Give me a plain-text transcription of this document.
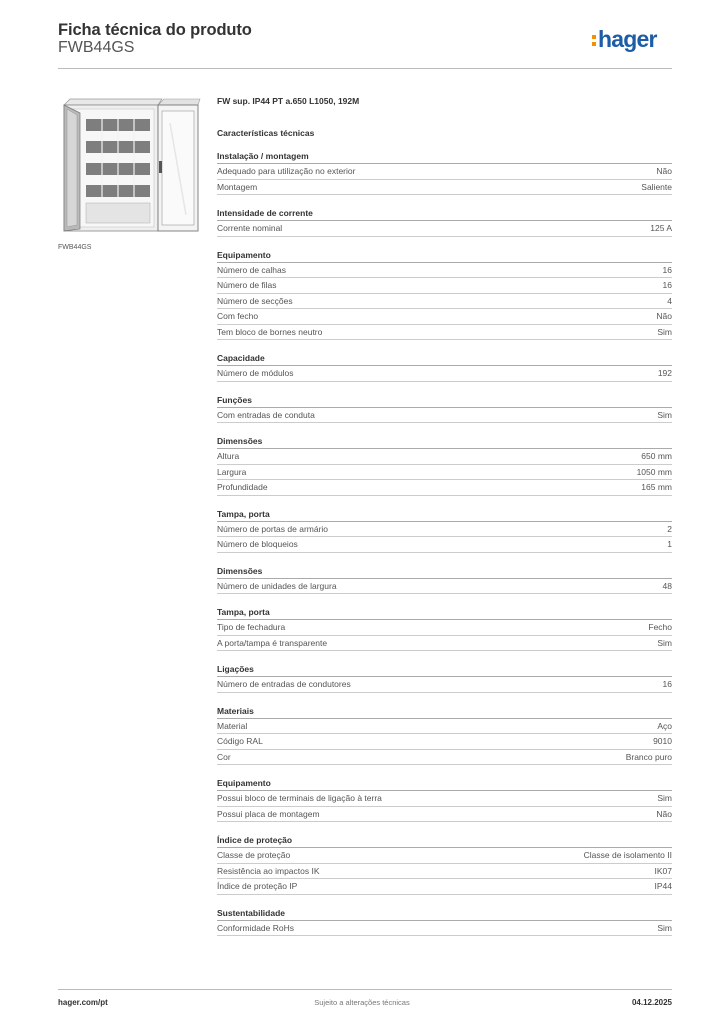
Ficha técnica do produto
FWB44GS	hager
FWB44GS
FW sup. IP44 PT a.650 L1050, 192M
Características técnicas
Instalação / montagem
Adequado para utilização no exterior	Não
Montagem	Saliente
Intensidade de corrente
Corrente nominal	125 A
Equipamento
Número de calhas	16
Número de filas	16
Número de secções	4
Com fecho	Não
Tem bloco de bornes neutro	Sim
Capacidade
Número de módulos	192
Funções
Com entradas de conduta	Sim
Dimensões
Altura	650 mm
Largura	1050 mm
Profundidade	165 mm
Tampa, porta
Número de portas de armário	2
Número de bloqueios	1
Dimensões
Número de unidades de largura	48
Tampa, porta
Tipo de fechadura	Fecho
A porta/tampa é transparente	Sim
Ligações
Número de entradas de condutores	16
Materiais
Material	Aço
Código RAL	9010
Cor	Branco puro
Equipamento
Possui bloco de terminais de ligação à terra	Sim
Possui placa de montagem	Não
Índice de proteção
Classe de proteção	Classe de isolamento II
Resistência ao impactos IK	IK07
Índice de proteção IP	IP44
Sustentabilidade
Conformidade RoHs	Sim
hager.com/pt	Sujeito a alterações técnicas	04.12.2025
